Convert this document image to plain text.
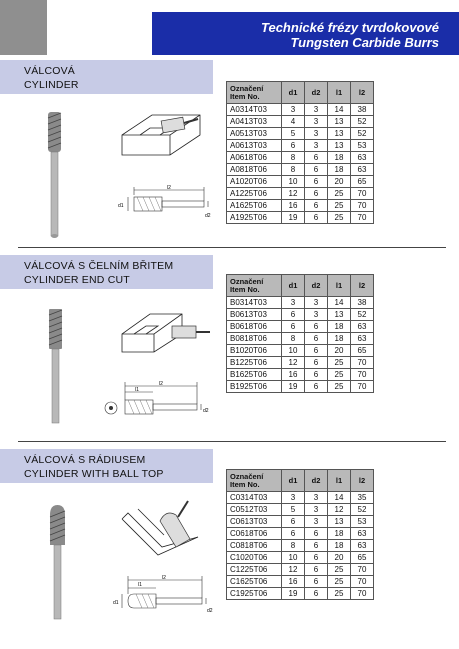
Technické frézy tvrdokovové
Tungsten Carbide Burrs
VÁLCOVÁ
CYLINDER
l2
d1
d2
Označení
Item No.	d1	d2	l1	l2
A0314T03	3	3	14	38
A0413T03	4	3	13	52
A0513T03	5	3	13	52
A0613T03	6	3	13	53
A0618T06	8	6	18	63
A0818T06	8	6	18	63
A1020T06	10	6	20	65
A1225T06	12	6	25	70
A1625T06	16	6	25	70
A1925T06	19	6	25	70
VÁLCOVÁ S ČELNÍM BŘITEM
CYLINDER END CUT
l2
l1
d2
Označení
Item No.	d1	d2	l1	l2
B0314T03	3	3	14	38
B0613T03	6	3	13	52
B0618T06	6	6	18	63
B0818T06	8	6	18	63
B1020T06	10	6	20	65
B1225T06	12	6	25	70
B1625T06	16	6	25	70
B1925T06	19	6	25	70
VÁLCOVÁ S RÁDIUSEM
CYLINDER WITH BALL TOP
l2
l1
d1
d2
Označení
Item No.	d1	d2	l1	l2
C0314T03	3	3	14	35
C0512T03	5	3	12	52
C0613T03	6	3	13	53
C0618T06	6	6	18	63
C0818T06	8	6	18	63
C1020T06	10	6	20	65
C1225T06	12	6	25	70
C1625T06	16	6	25	70
C1925T06	19	6	25	70
